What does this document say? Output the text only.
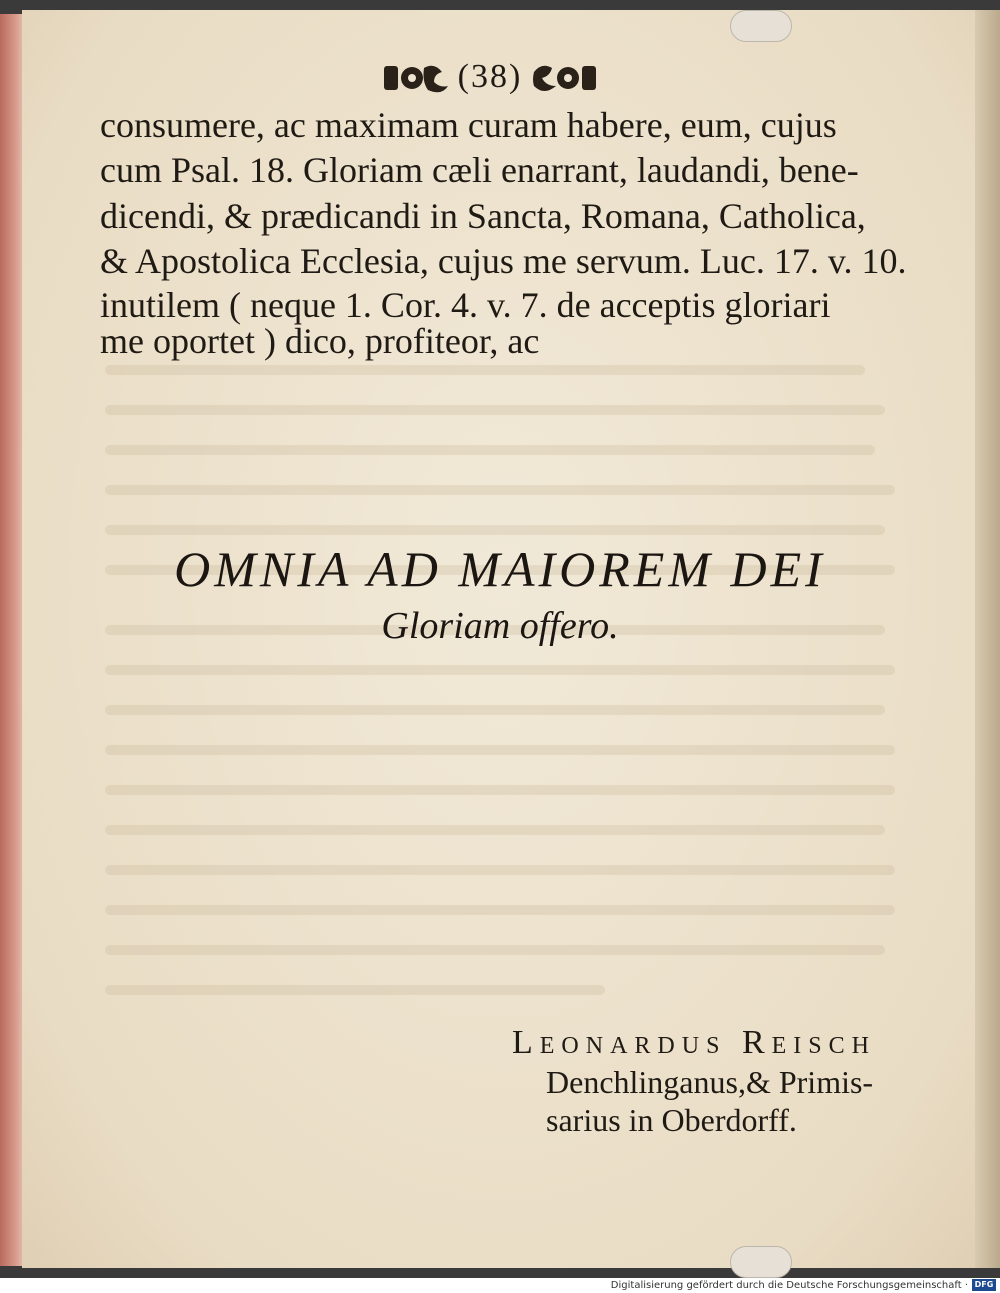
(38)
consumere, ac maximam curam habere, eum, cujus
cum Psal. 18. Gloriam cæli enarrant, laudandi, bene-
dicendi, & prædicandi in Sancta, Romana, Catholica,
& Apostolica Ecclesia, cujus me servum. Luc. 17. v. 10.
inutilem ( neque 1. Cor. 4. v. 7. de acceptis gloriari
me oportet ) dico, profiteor, ac
OMNIA AD MAIOREM DEI
Gloriam offero.
Leonardus Reisch
Denchlinganus,& Primis-
sarius in Oberdorff.
Digitalisierung gefördert durch die Deutsche Forschungsgemeinschaft · DFG
